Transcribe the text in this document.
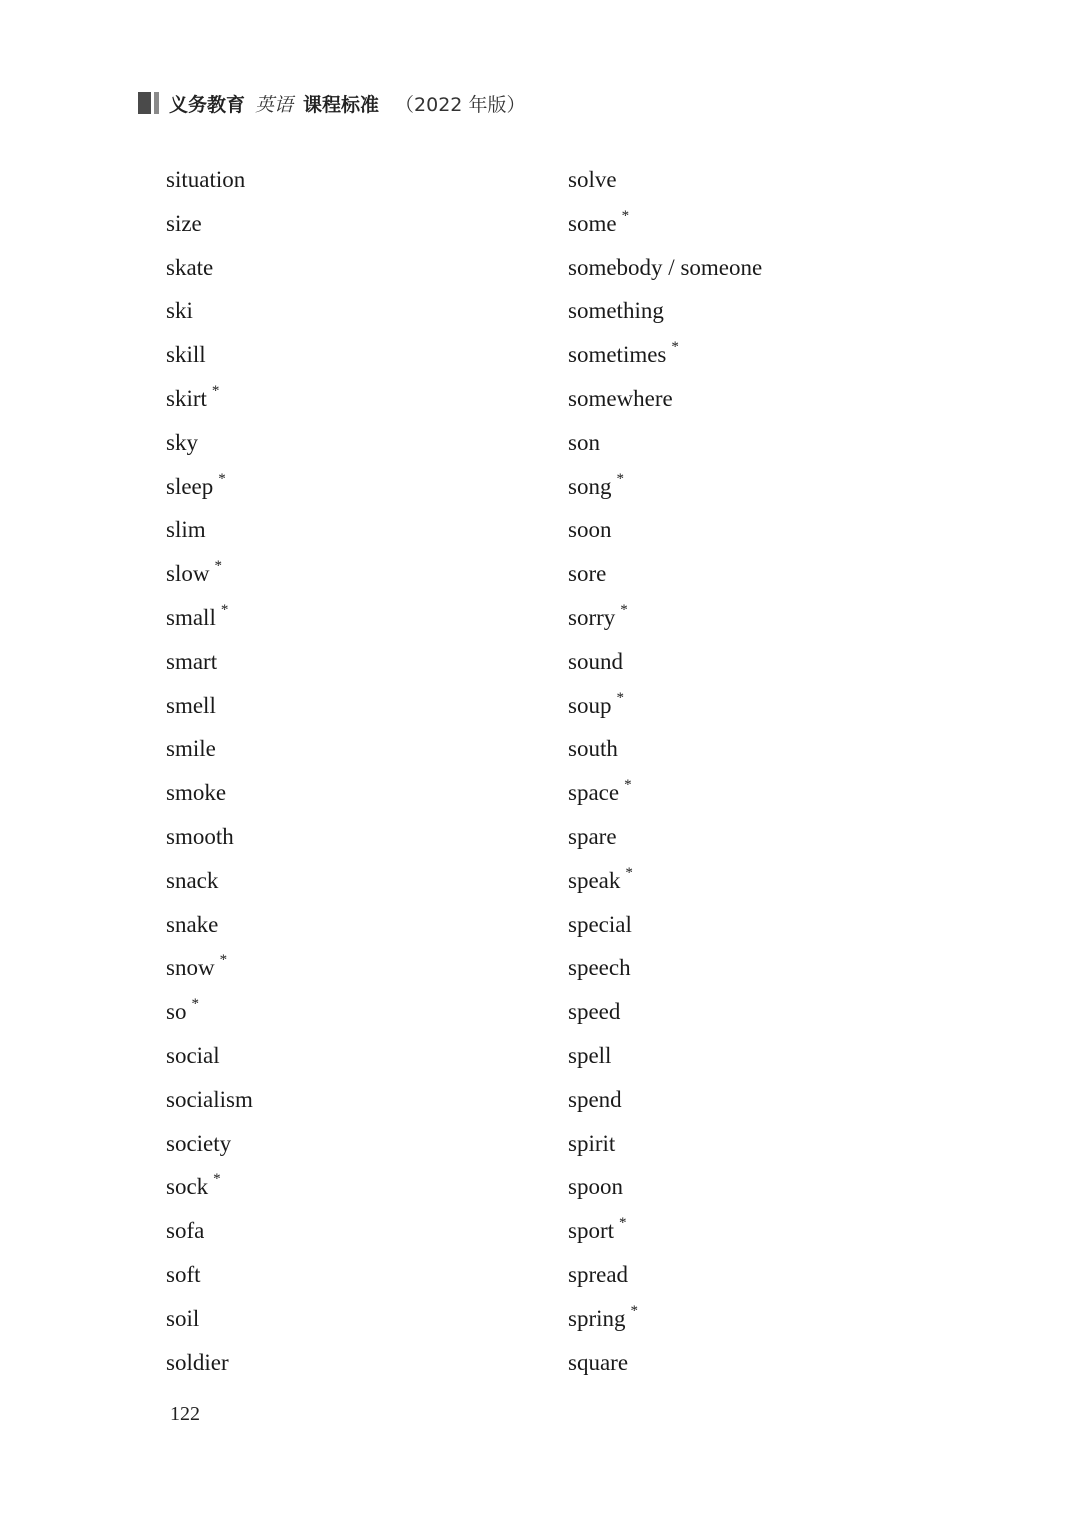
义务教育 英语 课程标准 （2022 年版）
situation
size
skate
ski
skill
skirt *
sky
sleep *
slim
slow *
small *
smart
smell
smile
smoke
smooth
snack
snake
snow *
so *
social
socialism
society
sock *
sofa
soft
soil
soldier
solve
some *
somebody / someone
something
sometimes *
somewhere
son
song *
soon
sore
sorry *
sound
soup *
south
space *
spare
speak *
special
speech
speed
spell
spend
spirit
spoon
sport *
spread
spring *
square
122
